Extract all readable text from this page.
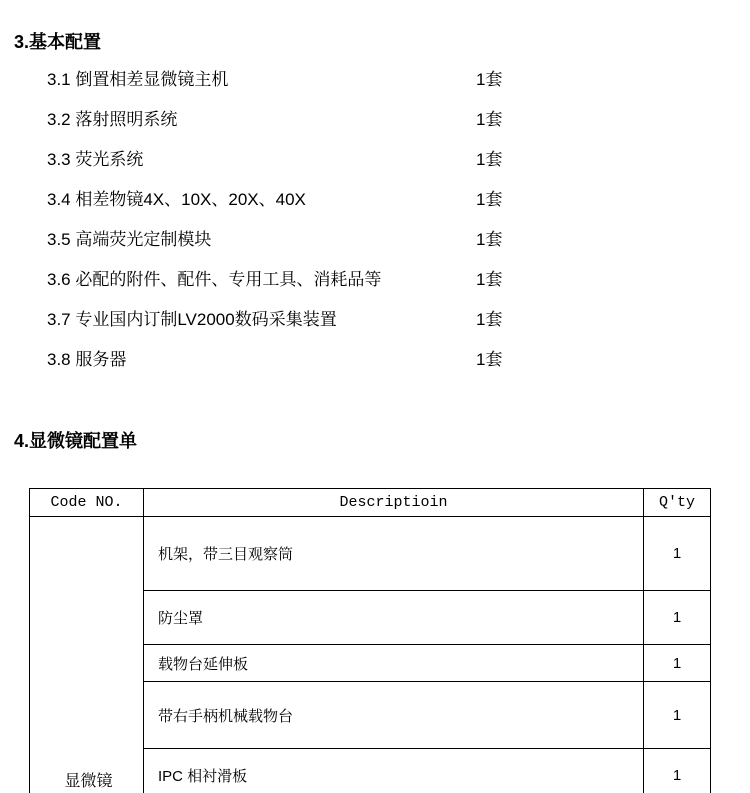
3.基本配置
3.1 倒置相差显微镜主机	1套
3.2 落射照明系统	1套
3.3 荧光系统	1套
3.4 相差物镜4X、10X、20X、40X	1套
3.5 高端荧光定制模块	1套
3.6 必配的附件、配件、专用工具、消耗品等	1套
3.7 专业国内订制LV2000数码采集装置	1套
3.8 服务器	1套
4.显微镜配置单
Code NO.	Descriptioin	Q'ty

显微镜	机架，带三目观察筒	1
	防尘罩	1
	载物台延伸板	1
	带右手柄机械载物台	1
	IPC 相衬滑板	1
